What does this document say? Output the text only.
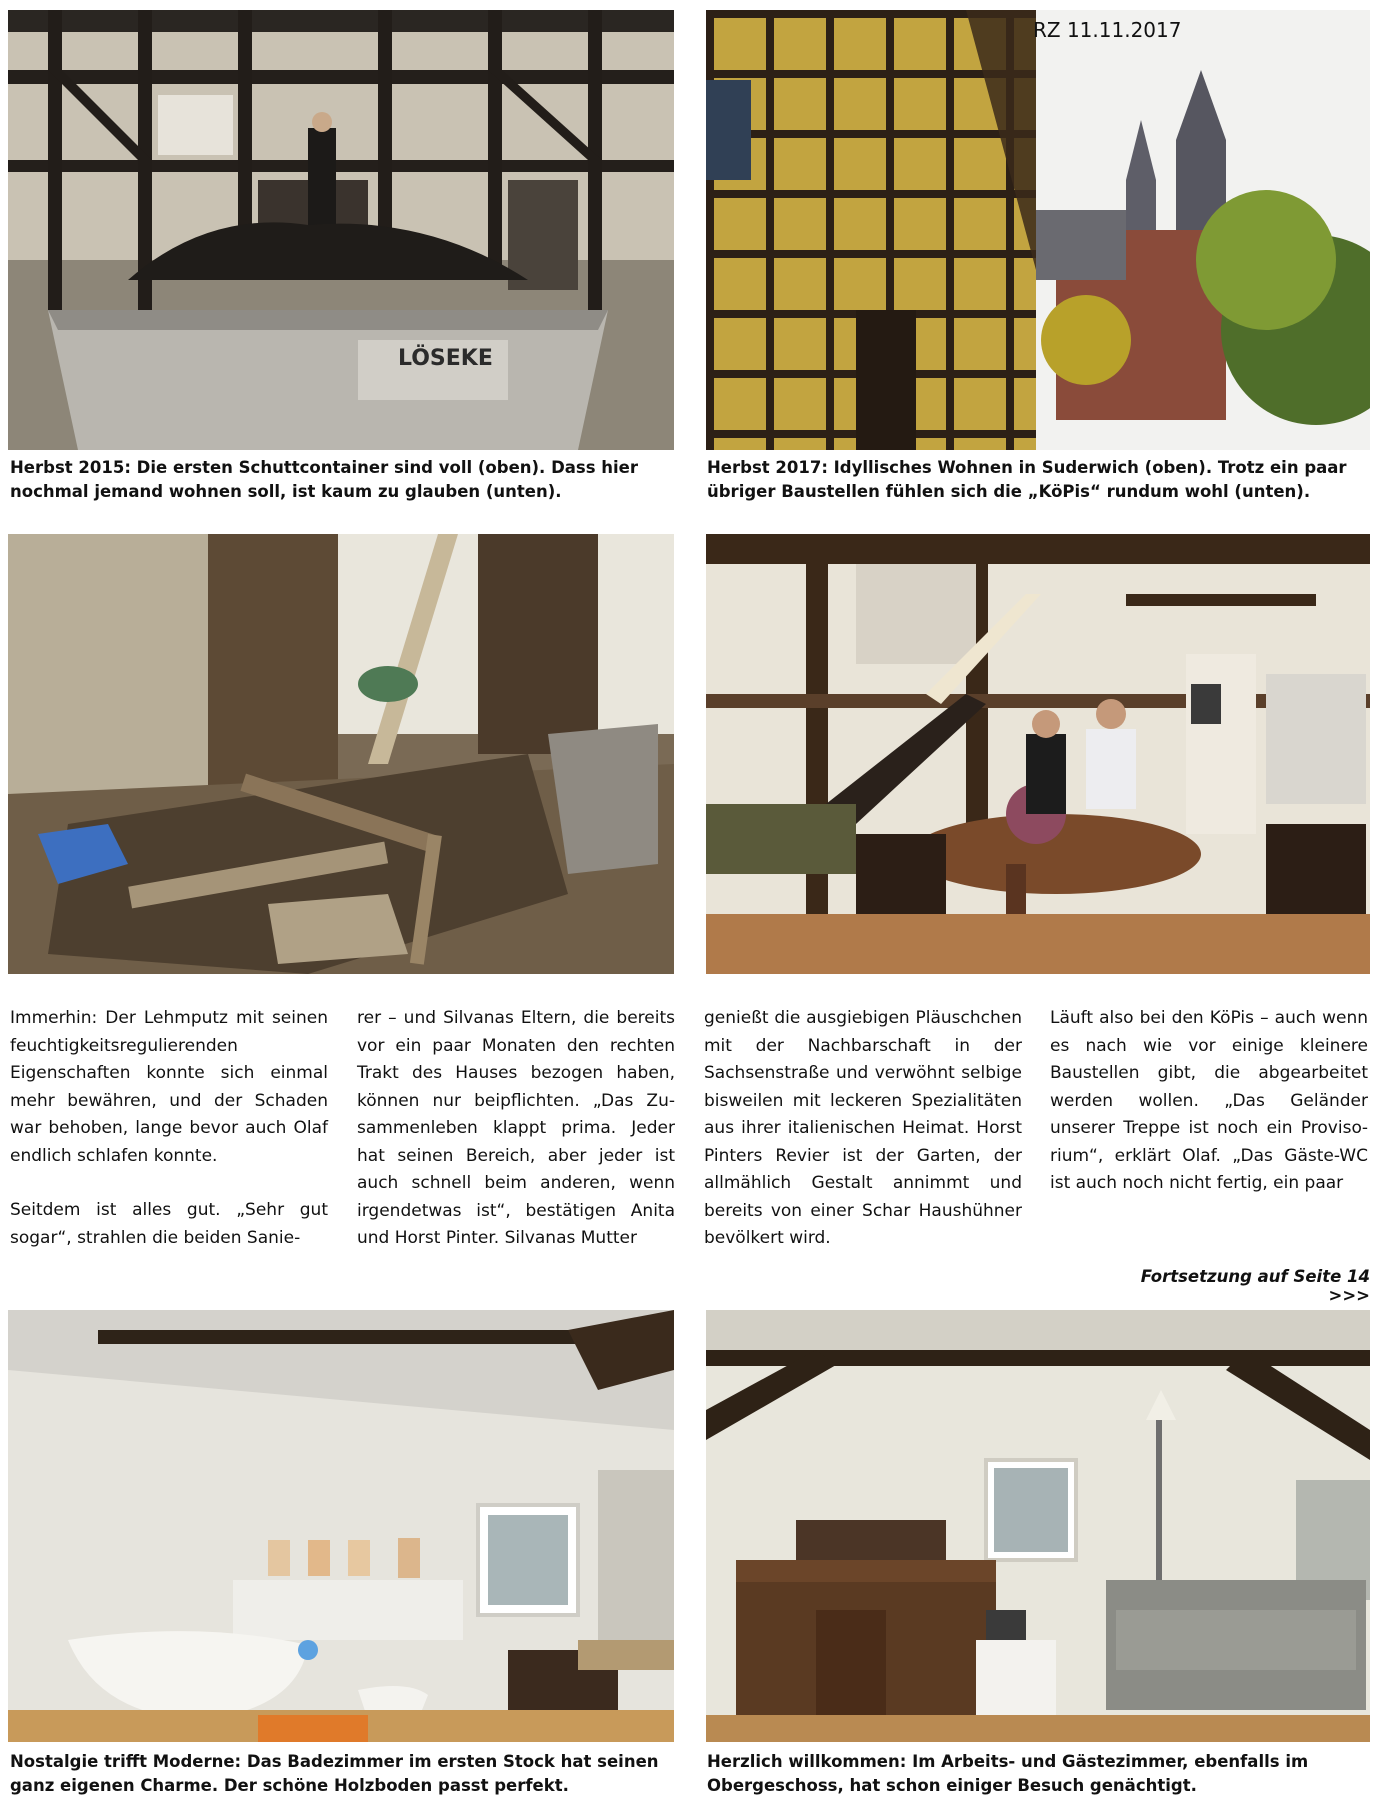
LÖSEKE
Herbst 2015: Die ersten Schuttcontainer sind voll (oben). Dass hier
nochmal jemand wohnen soll, ist kaum zu glauben (unten).
Herbst 2017: Idyllisches Wohnen in Suderwich (oben). Trotz ein paar
übriger Baustellen fühlen sich die „KöPis“ rundum wohl (unten).

Immerhin: Der Lehmputz mit seinen feuchtigkeitsregulierenden Eigenschaften konnte sich einmal mehr bewähren, und der Schaden war behoben, lange bevor auch Olaf endlich schlafen konnte.

Seitdem ist alles gut. „Sehr gut sogar“, strahlen die beiden Sanie-

rer – und Silvanas Eltern, die bereits vor ein paar Monaten den rechten Trakt des Hauses bezogen haben, können nur beipflichten. „Das Zusammenleben klappt prima. Jeder hat seinen Bereich, aber jeder ist auch schnell beim anderen, wenn irgendetwas ist“, bestätigen Anita und Horst Pinter. Silvanas Mutter

genießt die ausgiebigen Pläuschchen mit der Nachbarschaft in der Sachsenstraße und verwöhnt selbige bisweilen mit leckeren Spezialitäten aus ihrer italienischen Heimat. Horst Pinters Revier ist der Garten, der allmählich Gestalt annimmt und bereits von einer Schar Haushühner bevölkert wird.

Läuft also bei den KöPis – auch wenn es nach wie vor einige kleinere Baustellen gibt, die abgearbeitet werden wollen. „Das Geländer unserer Treppe ist noch ein Provisorium“, erklärt Olaf. „Das Gäste-WC ist auch noch nicht fertig, ein paar

Fortsetzung auf Seite 14 >>>
Nostalgie trifft Moderne: Das Badezimmer im ersten Stock hat seinen
ganz eigenen Charme. Der schöne Holzboden passt perfekt.
Herzlich willkommen: Im Arbeits- und Gästezimmer, ebenfalls im
Obergeschoss, hat schon einiger Besuch genächtigt.
RZ 11.11.2017
